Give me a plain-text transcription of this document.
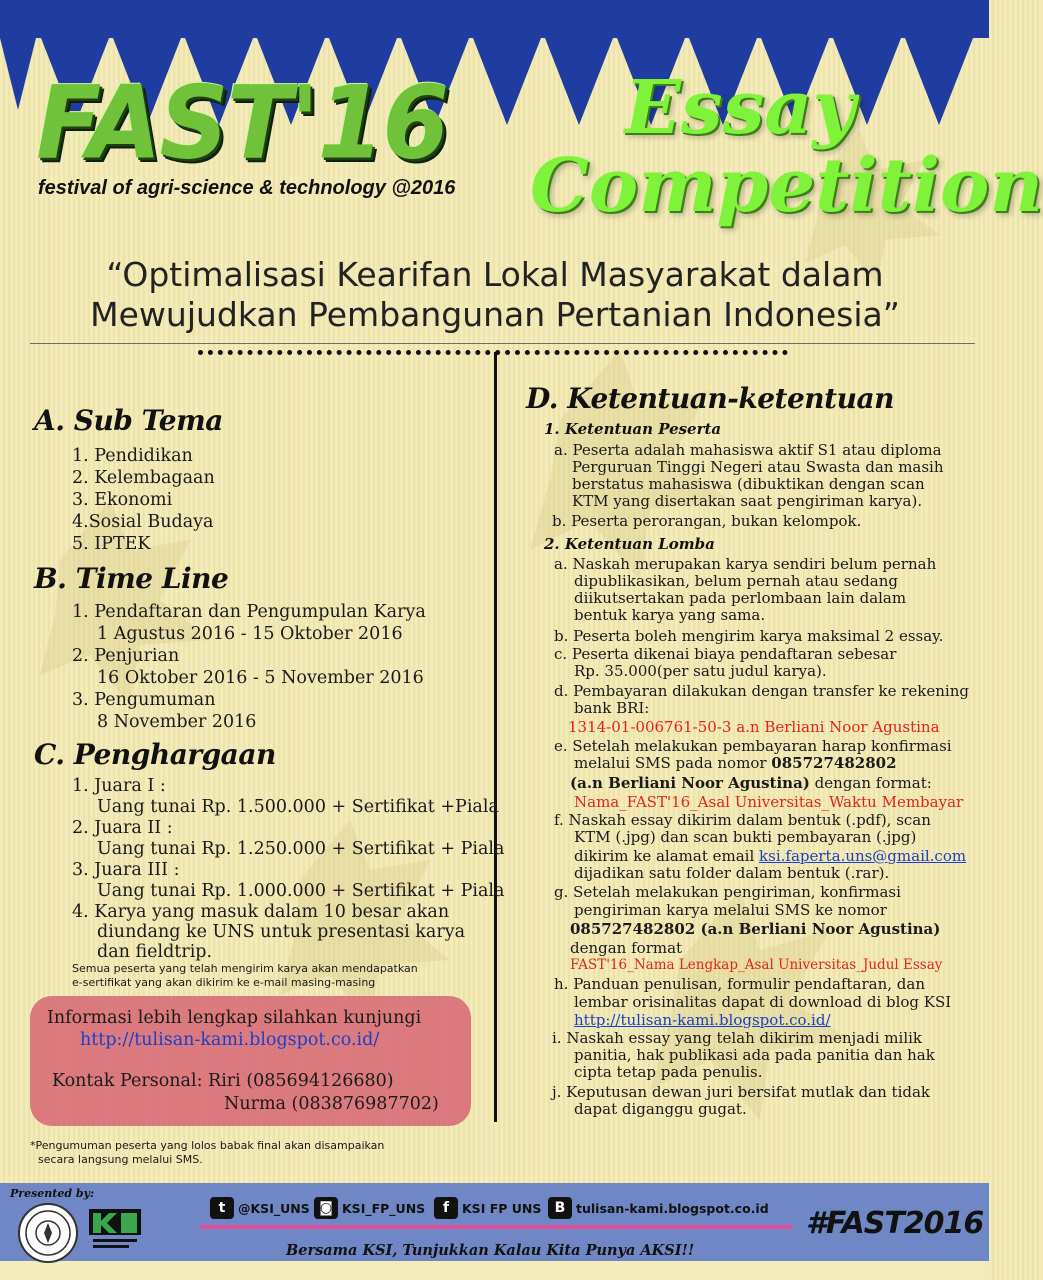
FAST'16
festival of agri-science & technology @2016
Essay
Competition
“Optimalisasi Kearifan Lokal Masyarakat dalam
Mewujudkan Pembangunan Pertanian Indonesia”
A. Sub Tema
1. Pendidikan
2. Kelembagaan
3. Ekonomi
4.Sosial Budaya
5. IPTEK
B. Time Line
1. Pendaftaran dan Pengumpulan Karya
1 Agustus 2016 - 15 Oktober 2016
2. Penjurian
16 Oktober 2016 - 5 November 2016
3. Pengumuman
8 November 2016
C. Penghargaan
1. Juara I :
Uang tunai Rp. 1.500.000 + Sertifikat +Piala
2. Juara II :
Uang tunai Rp. 1.250.000 + Sertifikat + Piala
3. Juara III :
Uang tunai Rp. 1.000.000 + Sertifikat + Piala
4. Karya yang masuk dalam 10 besar akan
diundang ke UNS untuk presentasi karya
dan fieldtrip.
Semua peserta yang telah mengirim karya akan mendapatkan
e-sertifikat yang akan dikirim ke e-mail masing-masing
Informasi lebih lengkap silahkan kunjungi
http://tulisan-kami.blogspot.co.id/
Kontak Personal: Riri (085694126680)
Nurma (083876987702)
*Pengumuman peserta yang lolos babak final akan disampaikan
secara langsung melalui SMS.
D. Ketentuan-ketentuan
1. Ketentuan Peserta
a. Peserta adalah mahasiswa aktif S1 atau diploma
Perguruan Tinggi Negeri atau Swasta dan masih
berstatus mahasiswa (dibuktikan dengan scan
KTM yang disertakan saat pengiriman karya).
b. Peserta perorangan, bukan kelompok.
2. Ketentuan Lomba
a. Naskah merupakan karya sendiri belum pernah
dipublikasikan, belum pernah atau sedang
diikutsertakan pada perlombaan lain dalam
bentuk karya yang sama.
b. Peserta boleh mengirim karya maksimal 2 essay.
c. Peserta dikenai biaya pendaftaran sebesar
Rp. 35.000(per satu judul karya).
d. Pembayaran dilakukan dengan transfer ke rekening
bank BRI:
1314-01-006761-50-3 a.n Berliani Noor Agustina
e. Setelah melakukan pembayaran harap konfirmasi
melalui SMS pada nomor 085727482802
(a.n Berliani Noor Agustina) dengan format:
Nama_FAST'16_Asal Universitas_Waktu Membayar
f. Naskah essay dikirim dalam bentuk (.pdf), scan
KTM (.jpg) dan scan bukti pembayaran (.jpg)
dikirim ke alamat email ksi.faperta.uns@gmail.com
dijadikan satu folder dalam bentuk (.rar).
g. Setelah melakukan pengiriman, konfirmasi
pengiriman karya melalui SMS ke nomor
085727482802 (a.n Berliani Noor Agustina)
dengan format
FAST'16_Nama Lengkap_Asal Universitas_Judul Essay
h. Panduan penulisan, formulir pendaftaran, dan
lembar orisinalitas dapat di download di blog KSI
http://tulisan-kami.blogspot.co.id/
i. Naskah essay yang telah dikirim menjadi milik
panitia, hak publikasi ada pada panitia dan hak
cipta tetap pada penulis.
j. Keputusan dewan juri bersifat mutlak dan tidak
dapat diganggu gugat.
Presented by:
t	@KSI_UNS ◙ KSI_FP_UNS	f	KSI FP UNS B tulisan-kami.blogspot.co.id #FAST2016
Bersama KSI, Tunjukkan Kalau Kita Punya AKSI!!
